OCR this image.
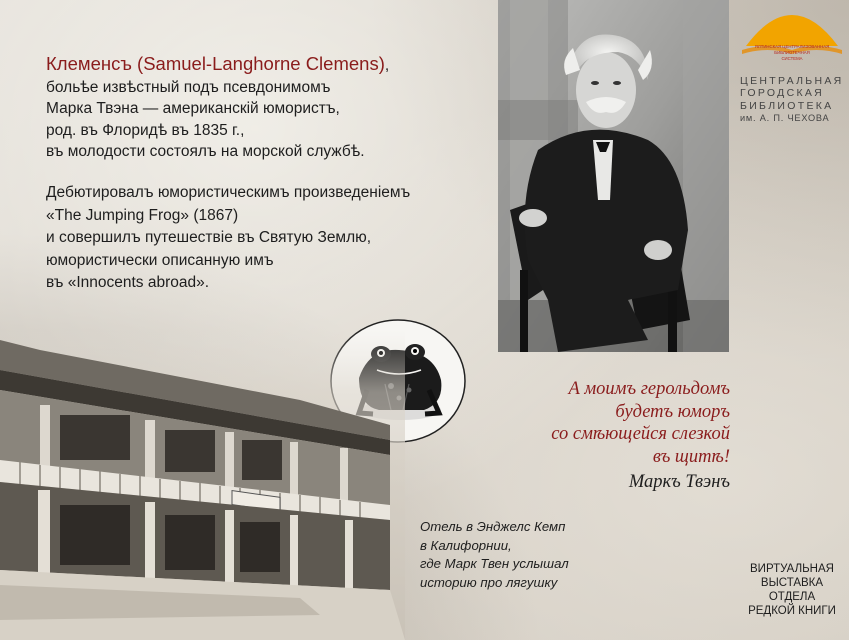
Клеменсъ (Samuel-Langhorne Clemens),
больѣе извѣстный подъ псевдонимомъ
Марка Твэна — американскій юмористъ,
род. въ Флоридѣ въ 1835 г.,
въ молодости состоялъ на морской службѣ.
Дебютировалъ юмористическимъ произведеніемъ
«The Jumping Frog» (1867)
и совершилъ путешествіе въ Святую Землю,
юмористически описанную имъ
въ «Innocents abroad».
А моимъ герольдомъ
будетъ юморъ
со смѣющейся слезкой
въ щитѣ!
Маркъ Твэнъ
Отель в Энджелс Кемп
в Калифорнии,
где Марк Твен услышал
историю про лягушку
ЯЛТИНСКАЯ ЦЕНТРАЛИЗОВАННАЯ
БИБЛИОТЕЧНАЯ
СИСТЕМА
ЦЕНТРАЛЬНАЯ
ГОРОДСКАЯ
БИБЛИОТЕКА
им. А. П. ЧЕХОВА
ВИРТУАЛЬНАЯ
ВЫСТАВКА
ОТДЕЛА
РЕДКОЙ КНИГИ
